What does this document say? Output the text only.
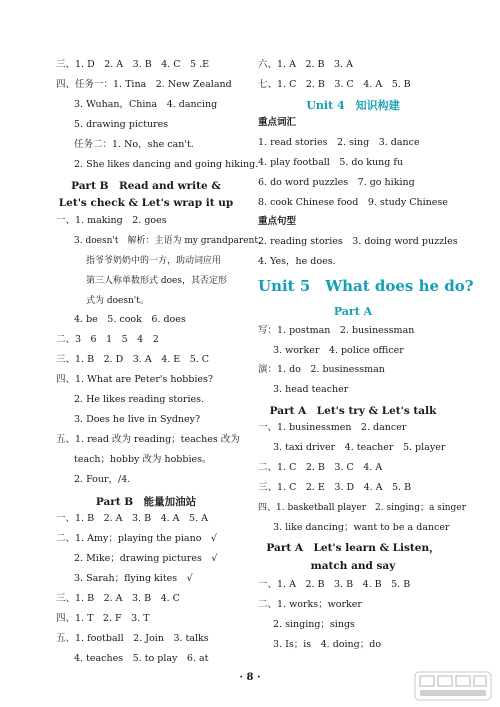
三、1. D　2. A　3. B　4. C　5 .E
四、任务一：1. Tina　2. New Zealand
3. Wuhan，China　4. dancing
5. drawing pictures
任务二：1. No，she can't.
2. She likes dancing and going hiking.
Part B　Read and write &
Let's check & Let's wrap it up
一、1. making　2. goes
3. doesn't　解析：主语为 my grandparent，
指爷爷奶奶中的一方，助动词应用
第三人称单数形式 does，其否定形
式为 doesn't。
4. be　5. cook　6. does
二、3　6　1　5　4　2
三、1. B　2. D　3. A　4. E　5. C
四、1. What are Peter's hobbies?
2. He likes reading stories.
3. Does he live in Sydney?
五、1. read 改为 reading；teaches 改为
teach；hobby 改为 hobbies。
2. Four，/4.
Part B　能量加油站
一、1. B　2. A　3. B　4. A　5. A
二、1. Amy；playing the piano　√
2. Mike；drawing pictures　√
3. Sarah；flying kites　√
三、1. B　2. A　3. B　4. C
四、1. T　2. F　3. T
五、1. football　2. Join　3. talks
4. teaches　5. to play　6. at
六、1. A　2. B　3. A
七、1. C　2. B　3. C　4. A　5. B
Unit 4　知识构建
重点词汇
1. read stories　2. sing　3. dance
4. play football　5. do kung fu
6. do word puzzles　7. go hiking
8. cook Chinese food　9. study Chinese
重点句型
2. reading stories　3. doing word puzzles
4. Yes，he does.
Unit 5　What does he do?
Part A
写：1. postman　2. businessman
3. worker　4. police officer
演：1. do　2. businessman
3. head teacher
Part A　Let's try & Let's talk
一、1. businessmen　2. dancer
3. taxi driver　4. teacher　5. player
二、1. C　2. B　3. C　4. A
三、1. C　2. E　3. D　4. A　5. B
四、1. basketball player　2. singing；a singer
3. like dancing；want to be a dancer
Part A　Let's learn & Listen，
match and say
一、1. A　2. B　3. B　4. B　5. B
二、1. works；worker
2. singing；sings
3. Is；is　4. doing；do
· 8 ·
